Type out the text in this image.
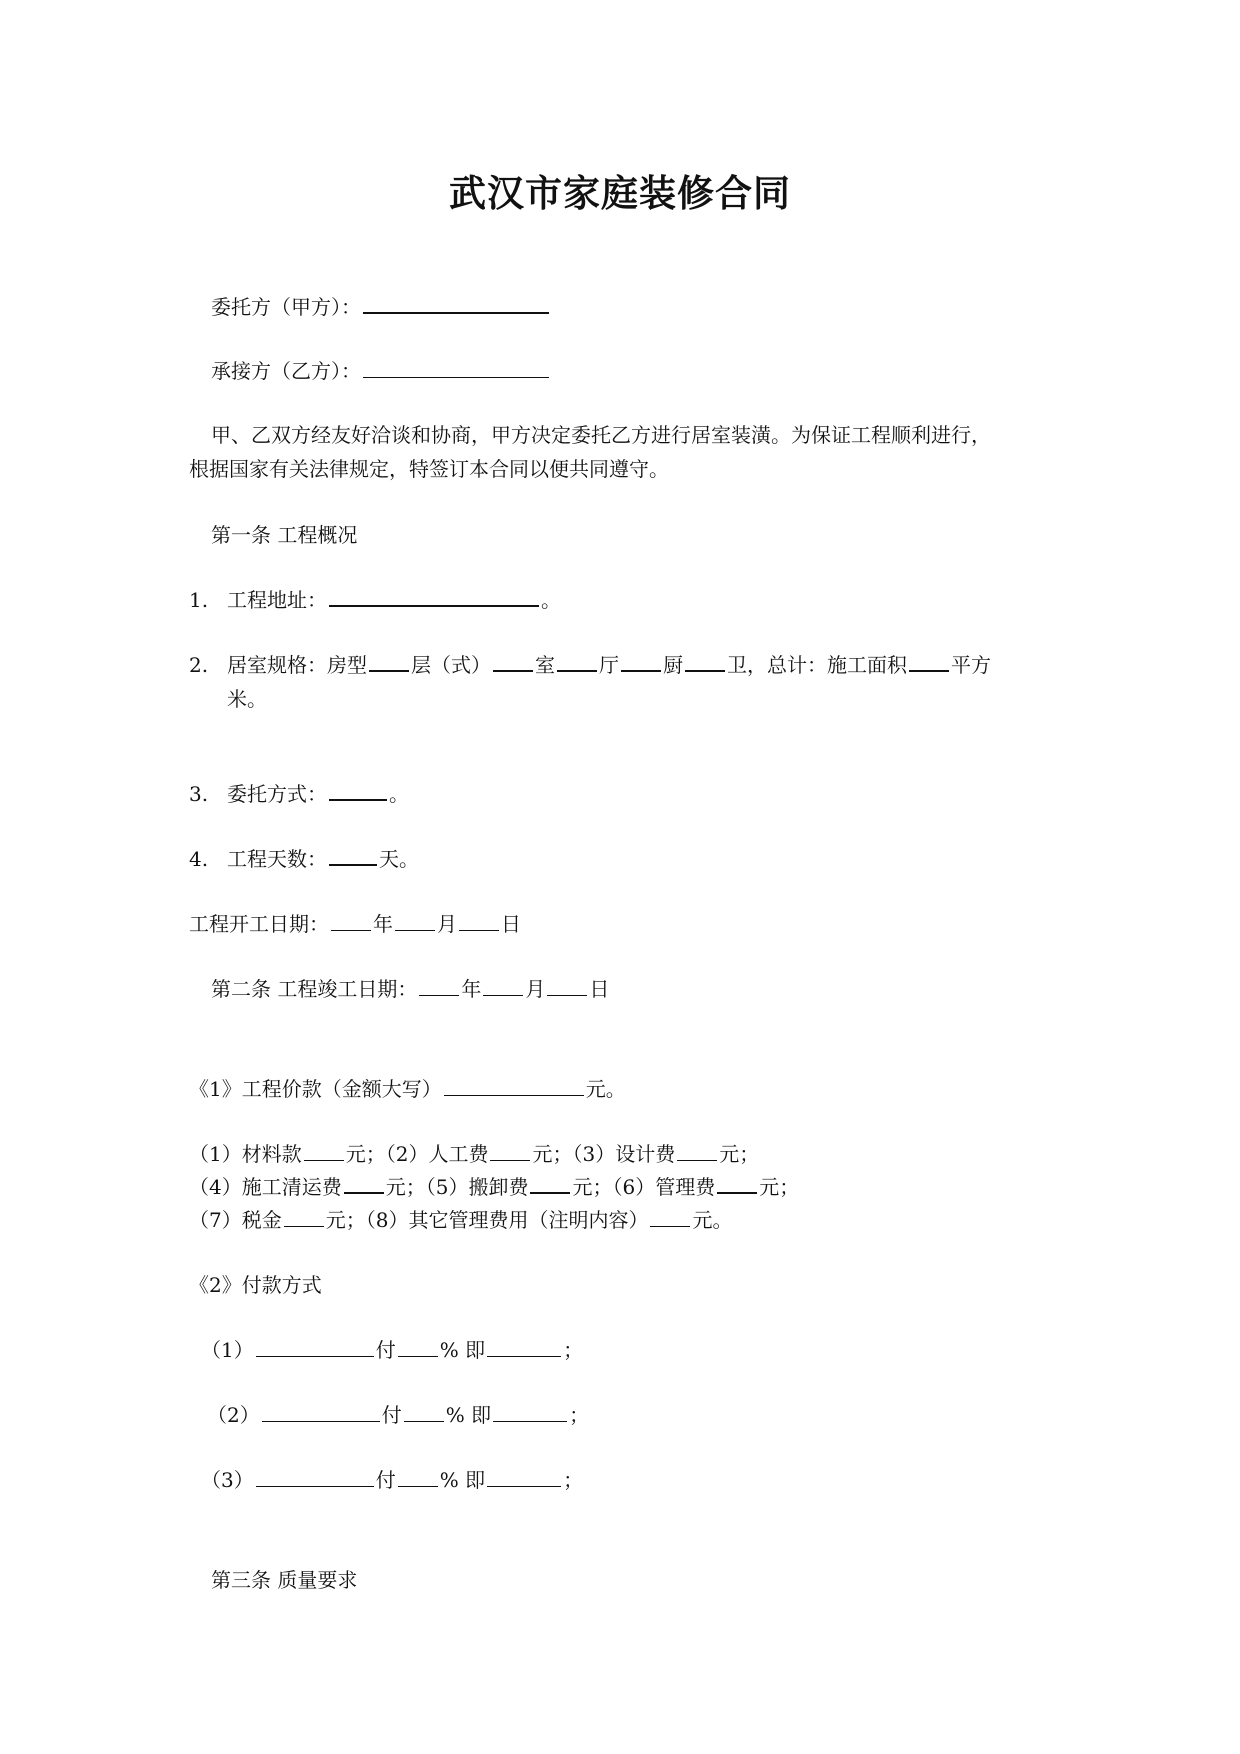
武汉市家庭装修合同
委托方（甲方）：
承接方（乙方）：
甲、乙双方经友好洽谈和协商，甲方决定委托乙方进行居室装潢。为保证工程顺利进行，
根据国家有关法律规定，特签订本合同以便共同遵守。
第一条 工程概况
1. 工程地址：	。
2. 居室规格：房型 层（式） 室 厅 厨 卫，总计：施工面积 平方
米。
3. 委托方式：	。
4. 工程天数：	天。
工程开工日期： 年 月 日
第二条 工程竣工日期： 年 月 日
《1》工程价款（金额大写）	元。
（1）材料款 元；（2）人工费 元；（3）设计费 元；
（4）施工清运费 元；（5）搬卸费 元；（6）管理费 元；
（7）税金 元；（8）其它管理费用（注明内容） 元。
《2》付款方式
（1）	付 % 即	；
（2）	付 % 即	；
（3）	付 % 即	；
第三条 质量要求
